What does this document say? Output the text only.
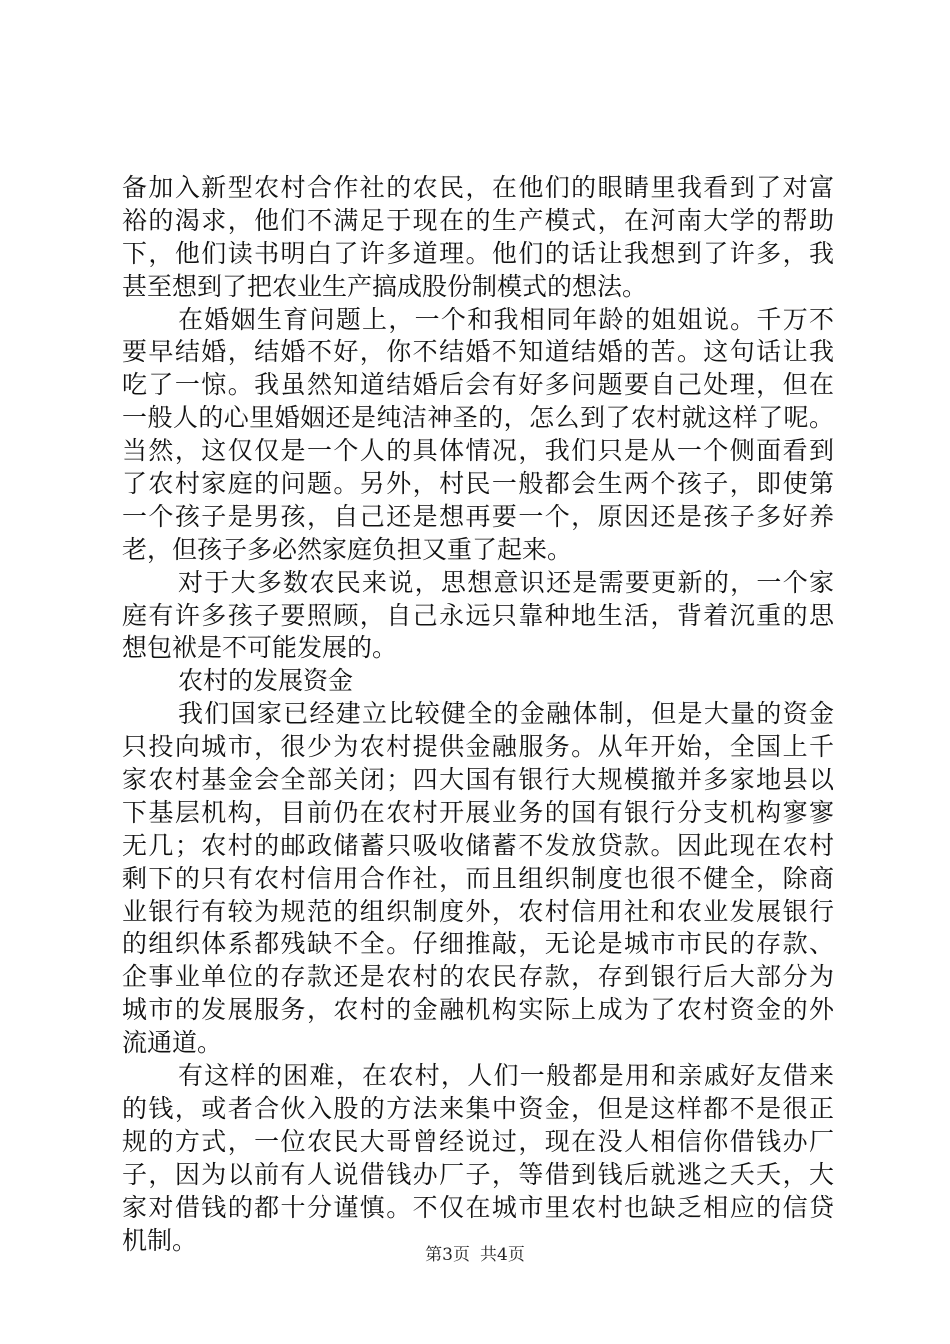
备加入新型农村合作社的农民，在他们的眼睛里我看到了对富
裕的渴求，他们不满足于现在的生产模式，在河南大学的帮助
下，他们读书明白了许多道理。他们的话让我想到了许多，我
甚至想到了把农业生产搞成股份制模式的想法。
在婚姻生育问题上，一个和我相同年龄的姐姐说。千万不
要早结婚，结婚不好，你不结婚不知道结婚的苦。这句话让我
吃了一惊。我虽然知道结婚后会有好多问题要自己处理，但在
一般人的心里婚姻还是纯洁神圣的，怎么到了农村就这样了呢。
当然，这仅仅是一个人的具体情况，我们只是从一个侧面看到
了农村家庭的问题。另外，村民一般都会生两个孩子，即使第
一个孩子是男孩，自己还是想再要一个，原因还是孩子多好养
老，但孩子多必然家庭负担又重了起来。
对于大多数农民来说，思想意识还是需要更新的，一个家
庭有许多孩子要照顾，自己永远只靠种地生活，背着沉重的思
想包袱是不可能发展的。
农村的发展资金
我们国家已经建立比较健全的金融体制，但是大量的资金
只投向城市，很少为农村提供金融服务。从年开始，全国上千
家农村基金会全部关闭；四大国有银行大规模撤并多家地县以
下基层机构，目前仍在农村开展业务的国有银行分支机构寥寥
无几；农村的邮政储蓄只吸收储蓄不发放贷款。因此现在农村
剩下的只有农村信用合作社，而且组织制度也很不健全，除商
业银行有较为规范的组织制度外，农村信用社和农业发展银行
的组织体系都残缺不全。仔细推敲，无论是城市市民的存款、
企事业单位的存款还是农村的农民存款，存到银行后大部分为
城市的发展服务，农村的金融机构实际上成为了农村资金的外
流通道。
有这样的困难，在农村，人们一般都是用和亲戚好友借来
的钱，或者合伙入股的方法来集中资金，但是这样都不是很正
规的方式，一位农民大哥曾经说过，现在没人相信你借钱办厂
子，因为以前有人说借钱办厂子，等借到钱后就逃之夭夭，大
家对借钱的都十分谨慎。不仅在城市里农村也缺乏相应的信贷
机制。
第3页 共4页
